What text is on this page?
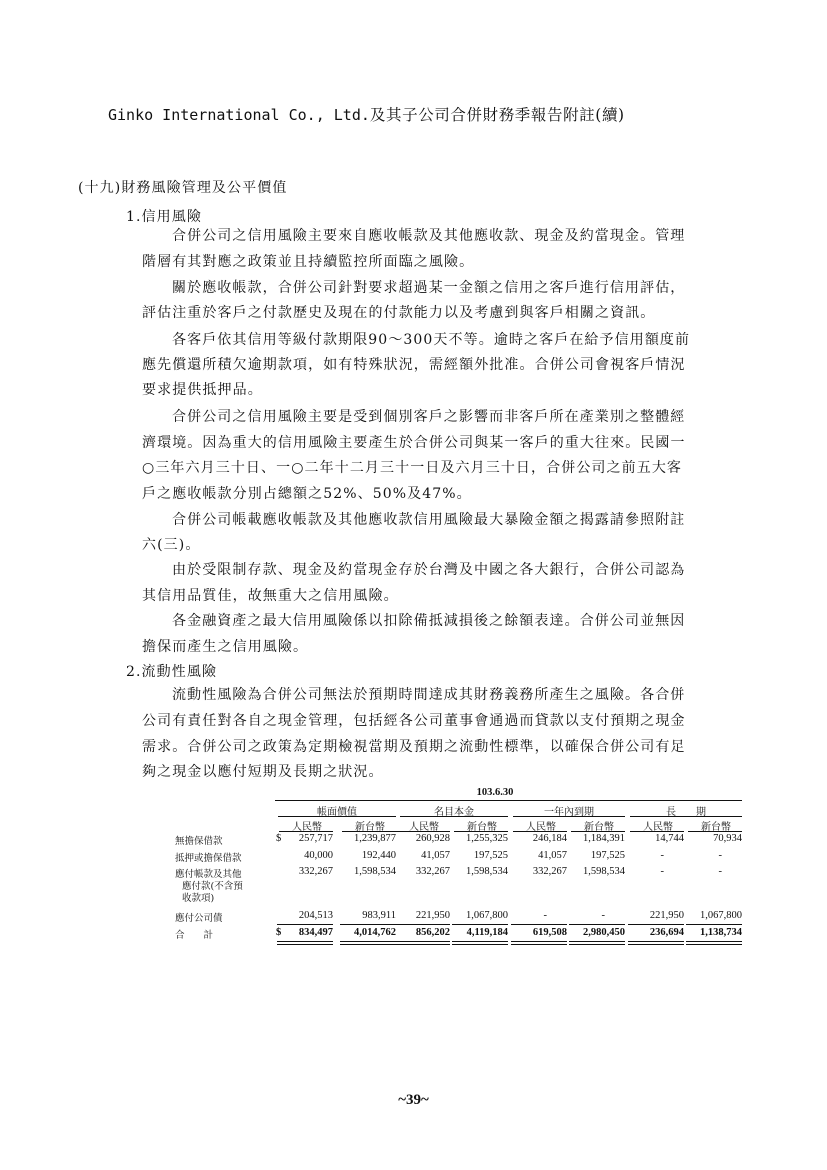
Ginko International Co., Ltd.及其子公司合併財務季報告附註(續)
(十九)財務風險管理及公平價值
1.信用風險
合併公司之信用風險主要來自應收帳款及其他應收款、現金及約當現金。管理
階層有其對應之政策並且持續監控所面臨之風險。
關於應收帳款，合併公司針對要求超過某一金額之信用之客戶進行信用評估，
評估注重於客戶之付款歷史及現在的付款能力以及考慮到與客戶相關之資訊。
各客戶依其信用等級付款期限90～300天不等。逾時之客戶在給予信用額度前
應先償還所積欠逾期款項，如有特殊狀況，需經額外批准。合併公司會視客戶情況
要求提供抵押品。
合併公司之信用風險主要是受到個別客戶之影響而非客戶所在產業別之整體經
濟環境。因為重大的信用風險主要產生於合併公司與某一客戶的重大往來。民國一
○三年六月三十日、一○二年十二月三十一日及六月三十日，合併公司之前五大客
戶之應收帳款分別占總額之52%、50%及47%。
合併公司帳載應收帳款及其他應收款信用風險最大暴險金額之揭露請參照附註
六(三)。
由於受限制存款、現金及約當現金存於台灣及中國之各大銀行，合併公司認為
其信用品質佳，故無重大之信用風險。
各金融資產之最大信用風險係以扣除備抵減損後之餘額表達。合併公司並無因
擔保而產生之信用風險。
2.流動性風險
流動性風險為合併公司無法於預期時間達成其財務義務所產生之風險。各合併
公司有責任對各自之現金管理，包括經各公司董事會通過而貸款以支付預期之現金
需求。合併公司之政策為定期檢視當期及預期之流動性標準，以確保合併公司有足
夠之現金以應付短期及長期之狀況。
103.6.30
帳面價值	名目本金	一年內到期	長　　期
人民幣	新台幣	人民幣	新台幣	人民幣	新台幣	人民幣	新台幣
無擔保借款	$	257,717	1,239,877	260,928	1,255,325	246,184	1,184,391	14,744	70,934
抵押或擔保借款	40,000	192,440	41,057	197,525	41,057	197,525	-	-
應付帳款及其他
應付款(不含預
收款項)
332,267	1,598,534	332,267	1,598,534	332,267	1,598,534	-	-
應付公司債	204,513	983,911	221,950	1,067,800	-	-	221,950	1,067,800
合　　計	$	834,497	4,014,762	856,202	4,119,184	619,508	2,980,450	236,694	1,138,734
~39~
